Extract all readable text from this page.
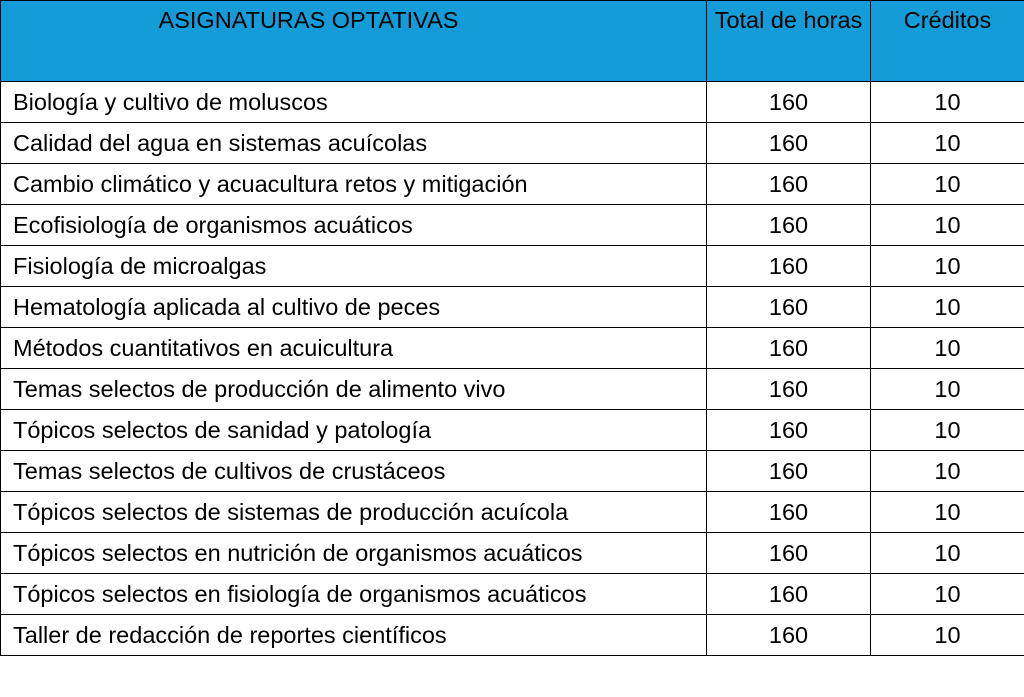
ASIGNATURAS OPTATIVAS	Total de horas	Créditos
Biología y cultivo de moluscos	160	10
Calidad del agua en sistemas acuícolas	160	10
Cambio climático y acuacultura retos y mitigación	160	10
Ecofisiología de organismos acuáticos	160	10
Fisiología de microalgas	160	10
Hematología aplicada al cultivo de peces	160	10
Métodos cuantitativos en acuicultura	160	10
Temas selectos de producción de alimento vivo	160	10
Tópicos selectos de sanidad y patología	160	10
Temas selectos de cultivos de crustáceos	160	10
Tópicos selectos de sistemas de producción acuícola	160	10
Tópicos selectos en nutrición de organismos acuáticos	160	10
Tópicos selectos en fisiología de organismos acuáticos	160	10
Taller de redacción de reportes científicos	160	10
